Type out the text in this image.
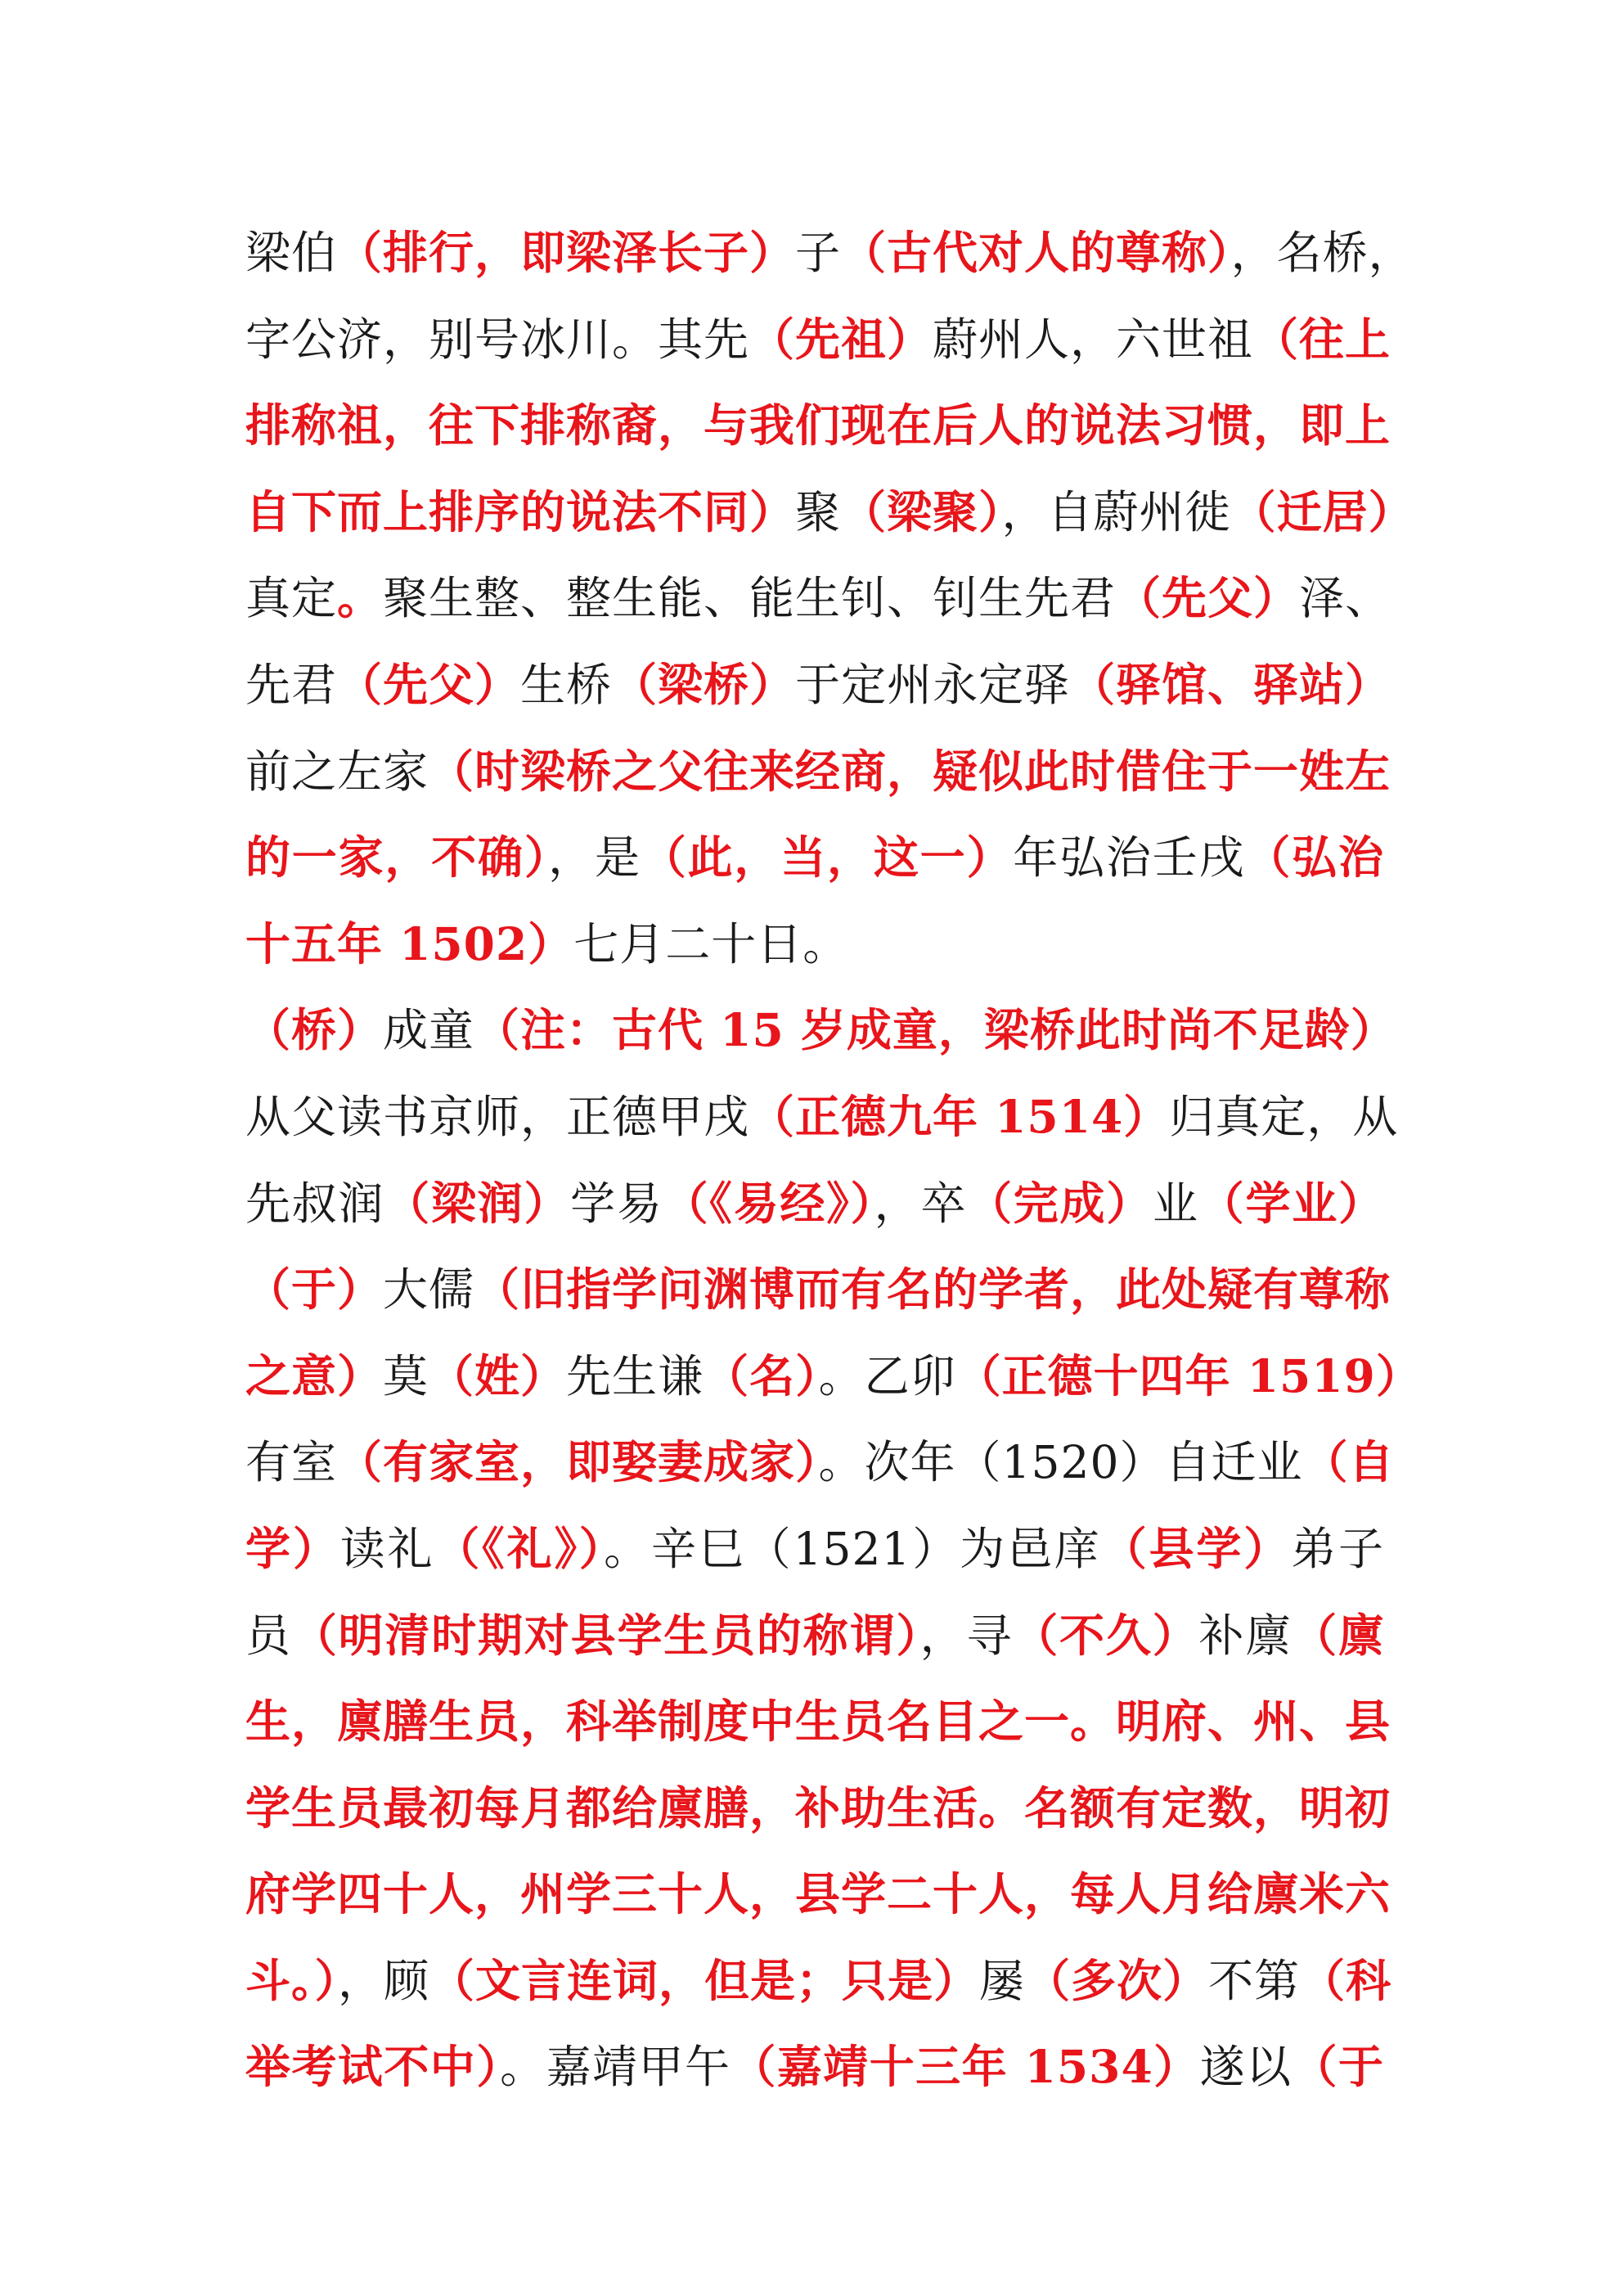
梁伯（排行，即梁泽长子）子（古代对人的尊称），名桥，
字公济，别号冰川。其先（先祖）蔚州人，六世祖（往上
排称祖，往下排称裔，与我们现在后人的说法习惯，即上
自下而上排序的说法不同）聚（梁聚），自蔚州徙（迁居）
真定。聚生整、整生能、能生钊、钊生先君（先父）泽、
先君（先父）生桥（梁桥）于定州永定驿（驿馆、驿站）
前之左家（时梁桥之父往来经商，疑似此时借住于一姓左
的一家，不确），是（此，当，这一）年弘治壬戌（弘治
十五年 1502）七月二十日。
（桥）成童（注：古代 15 岁成童，梁桥此时尚不足龄）
从父读书京师，正德甲戌（正德九年 1514）归真定，从
先叔润（梁润）学易（《易经》），卒（完成）业（学业）
（于）大儒（旧指学问渊博而有名的学者，此处疑有尊称
之意）莫（姓）先生谦（名）。乙卯（正德十四年 1519）
有室（有家室，即娶妻成家）。次年（1520）自迁业（自
学）读礼（《礼》）。辛巳（1521）为邑庠（县学）弟子
员（明清时期对县学生员的称谓），寻（不久）补廪（廪
生，廪膳生员，科举制度中生员名目之一。明府、州、县
学生员最初每月都给廪膳，补助生活。名额有定数，明初
府学四十人，州学三十人，县学二十人，每人月给廪米六
斗。），顾（文言连词，但是；只是）屡（多次）不第（科
举考试不中）。嘉靖甲午（嘉靖十三年 1534）遂以（于
